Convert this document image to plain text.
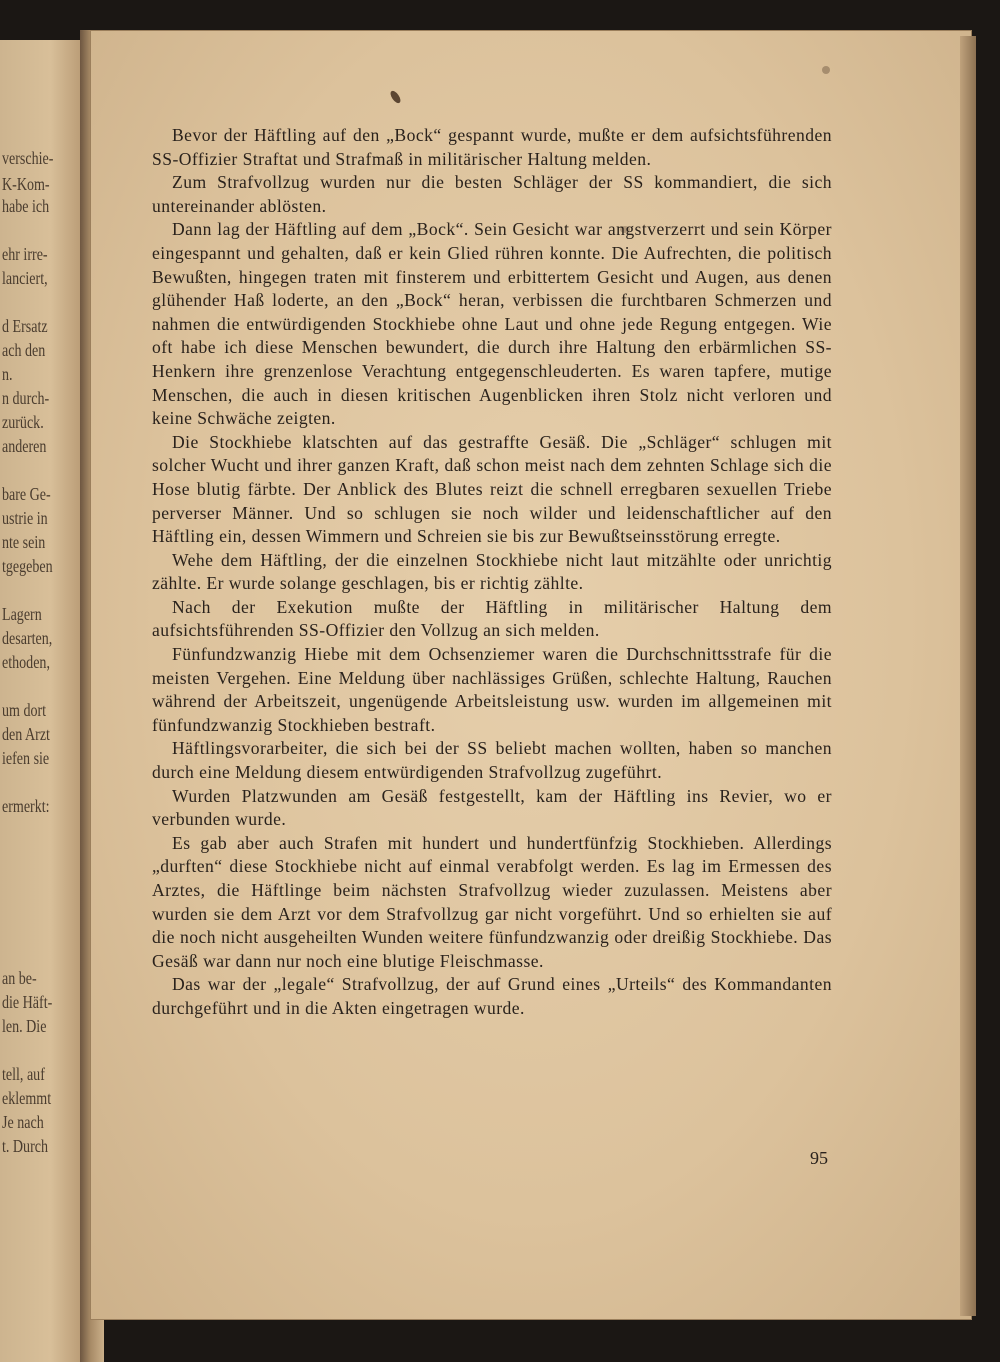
verschie-
K-Kom-
habe ich
ehr irre-
lanciert,
d Ersatz
ach den
n.
n durch-
zurück.
anderen
bare Ge-
ustrie in
nte sein
tgegeben
Lagern
desarten,
ethoden,
um dort
den Arzt
iefen sie
ermerkt:
an be-
die Häft-
len. Die
tell, auf
eklemmt
Je nach
t. Durch

Bevor der Häftling auf den „Bock“ gespannt wurde, mußte er dem aufsichtsführenden SS-Offizier Straftat und Strafmaß in militärischer Haltung melden.

Zum Strafvollzug wurden nur die besten Schläger der SS kommandiert, die sich untereinander ablösten.

Dann lag der Häftling auf dem „Bock“. Sein Gesicht war angstverzerrt und sein Körper eingespannt und gehalten, daß er kein Glied rühren konnte. Die Aufrechten, die politisch Bewußten, hingegen traten mit finsterem und erbittertem Gesicht und Augen, aus denen glühender Haß loderte, an den „Bock“ heran, verbissen die furchtbaren Schmerzen und nahmen die entwürdigenden Stockhiebe ohne Laut und ohne jede Regung entgegen. Wie oft habe ich diese Menschen bewundert, die durch ihre Haltung den erbärmlichen SS-Henkern ihre grenzenlose Verachtung entgegenschleuderten. Es waren tapfere, mutige Menschen, die auch in diesen kritischen Augenblicken ihren Stolz nicht verloren und keine Schwäche zeigten.

Die Stockhiebe klatschten auf das gestraffte Gesäß. Die „Schläger“ schlugen mit solcher Wucht und ihrer ganzen Kraft, daß schon meist nach dem zehnten Schlage sich die Hose blutig färbte. Der Anblick des Blutes reizt die schnell erregbaren sexuellen Triebe perverser Männer. Und so schlugen sie noch wilder und leidenschaftlicher auf den Häftling ein, dessen Wimmern und Schreien sie bis zur Bewußtseinsstörung erregte.

Wehe dem Häftling, der die einzelnen Stockhiebe nicht laut mitzählte oder unrichtig zählte. Er wurde solange geschlagen, bis er richtig zählte.

Nach der Exekution mußte der Häftling in militärischer Haltung dem aufsichtsführenden SS-Offizier den Vollzug an sich melden.

Fünfundzwanzig Hiebe mit dem Ochsenziemer waren die Durchschnittsstrafe für die meisten Vergehen. Eine Meldung über nachlässiges Grüßen, schlechte Haltung, Rauchen während der Arbeitszeit, ungenügende Arbeitsleistung usw. wurden im allgemeinen mit fünfundzwanzig Stockhieben bestraft.

Häftlingsvorarbeiter, die sich bei der SS beliebt machen wollten, haben so manchen durch eine Meldung diesem entwürdigenden Strafvollzug zugeführt.

Wurden Platzwunden am Gesäß festgestellt, kam der Häftling ins Revier, wo er verbunden wurde.

Es gab aber auch Strafen mit hundert und hundertfünfzig Stockhieben. Allerdings „durften“ diese Stockhiebe nicht auf einmal verabfolgt werden. Es lag im Ermessen des Arztes, die Häftlinge beim nächsten Strafvollzug wieder zuzulassen. Meistens aber wurden sie dem Arzt vor dem Strafvollzug gar nicht vorgeführt. Und so erhielten sie auf die noch nicht ausgeheilten Wunden weitere fünfundzwanzig oder dreißig Stockhiebe. Das Gesäß war dann nur noch eine blutige Fleischmasse.

Das war der „legale“ Strafvollzug, der auf Grund eines „Urteils“ des Kommandanten durchgeführt und in die Akten eingetragen wurde.

95
